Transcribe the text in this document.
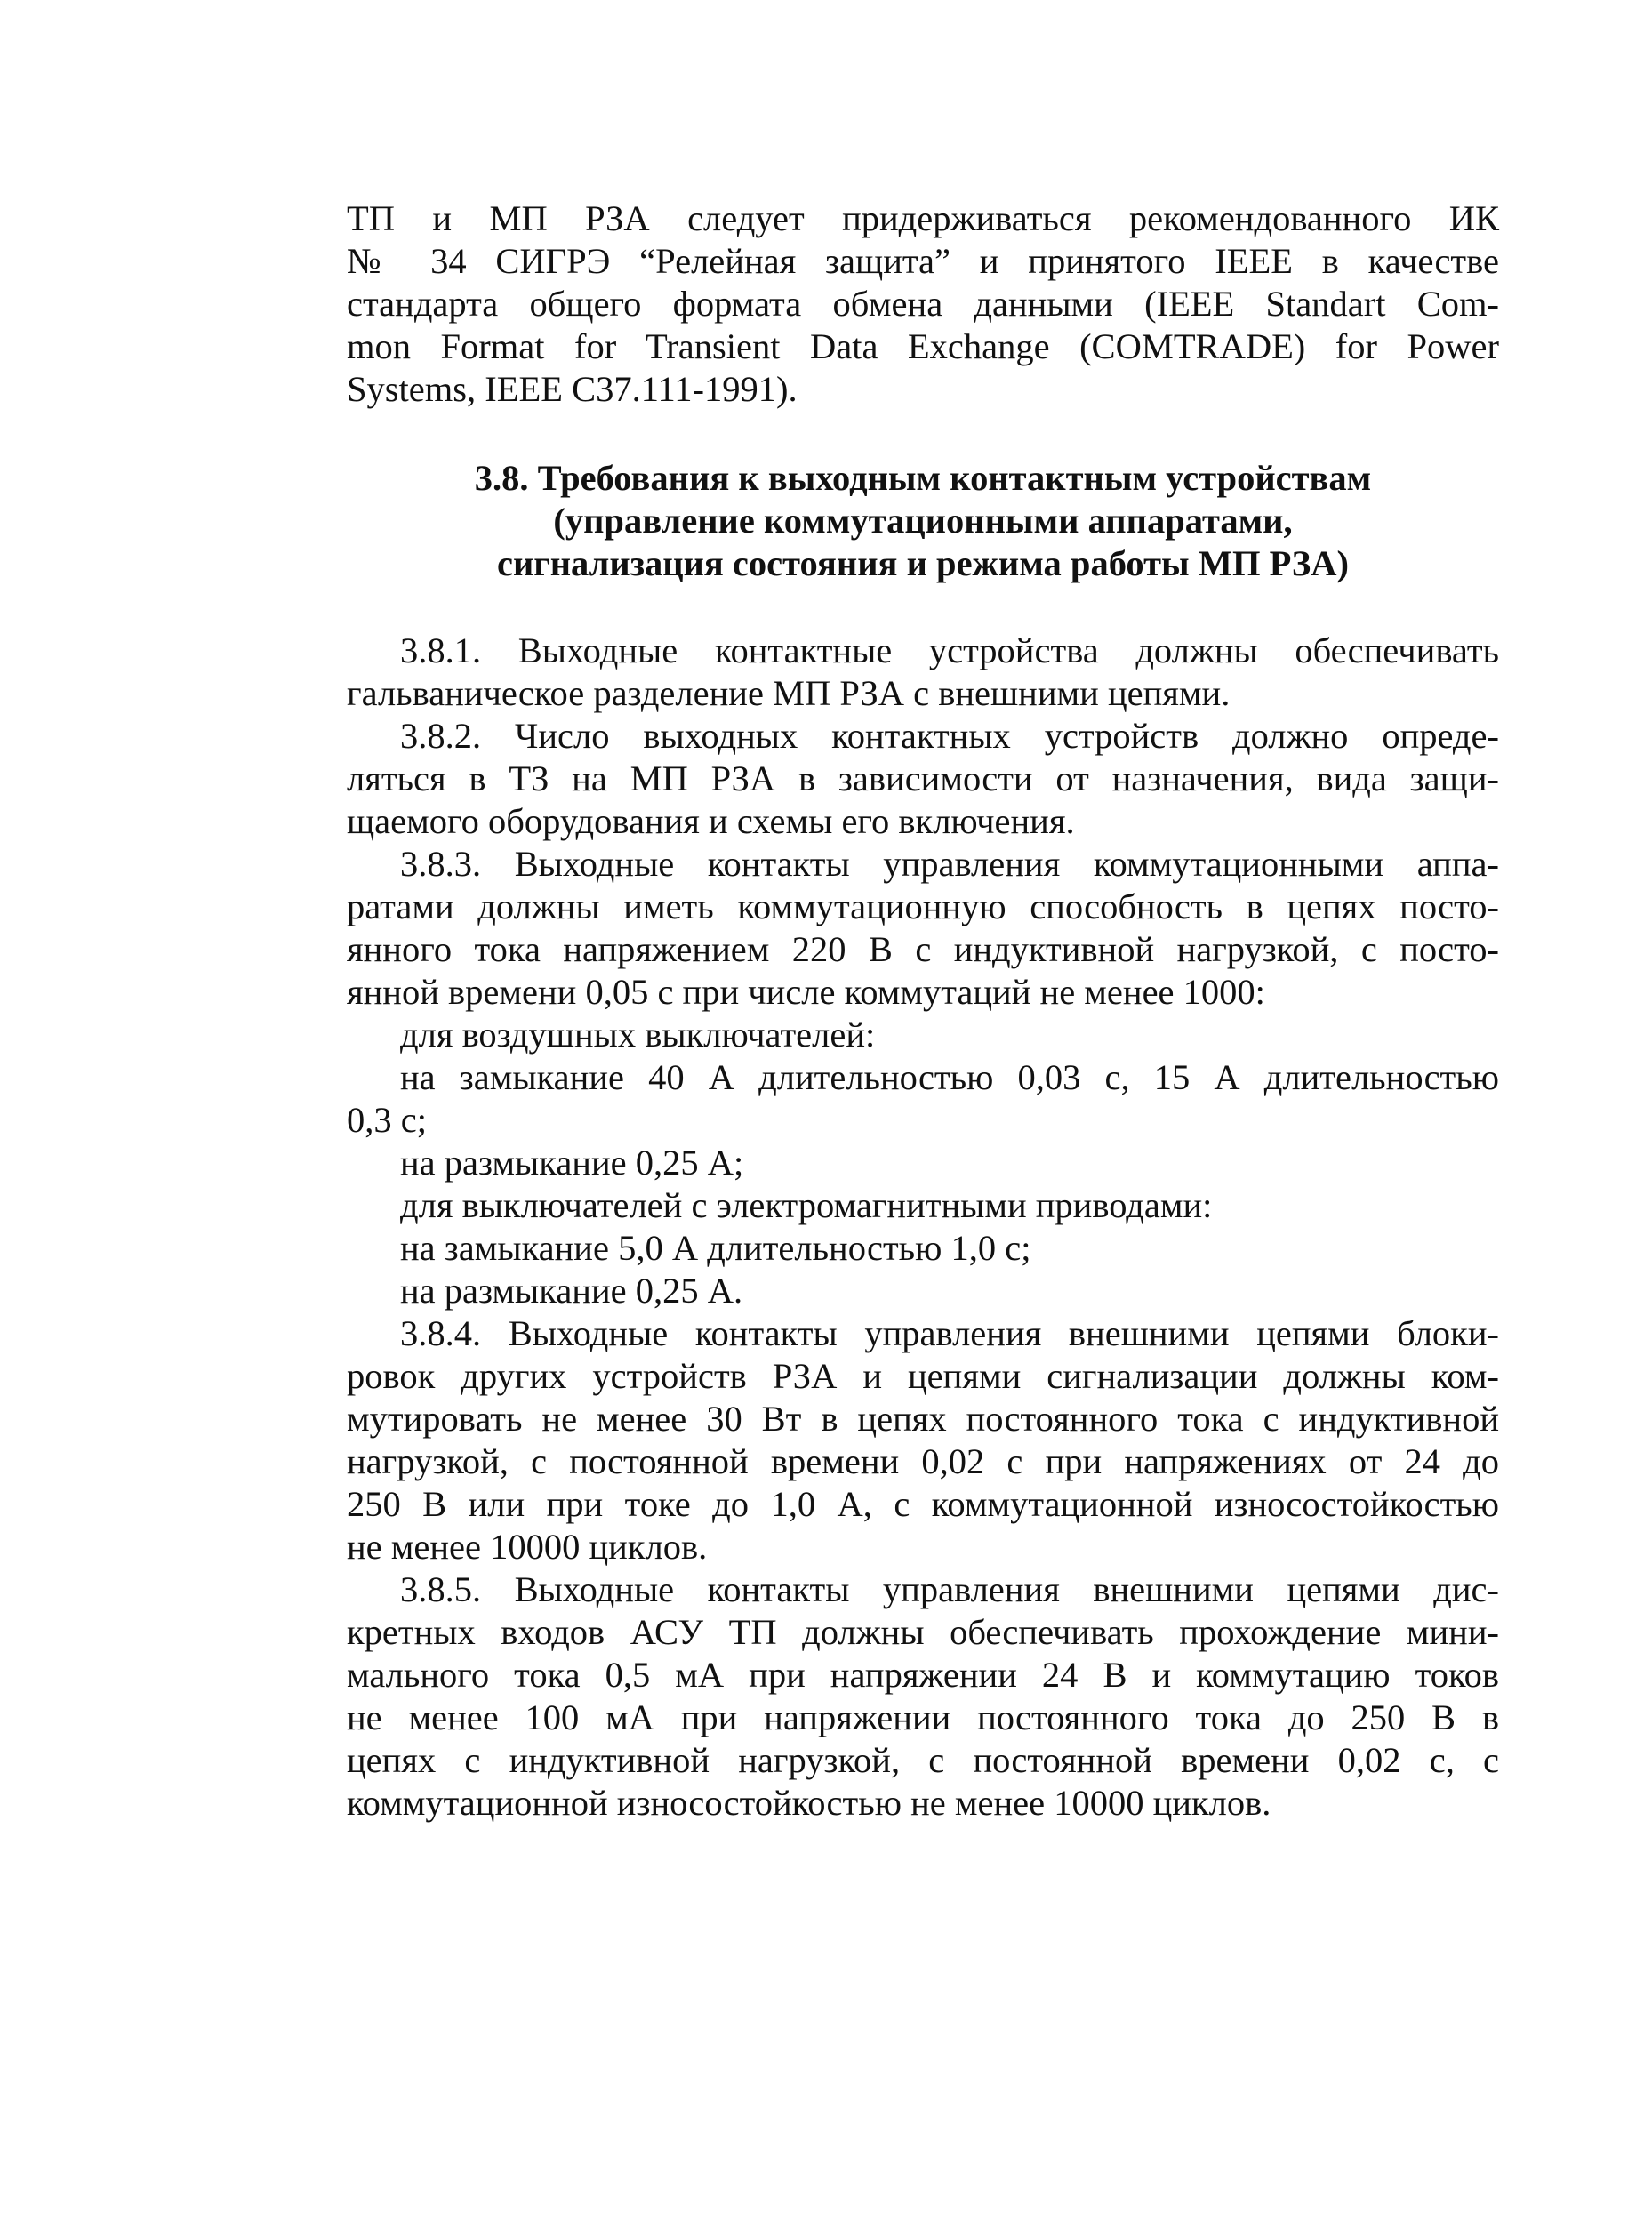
ТП и МП РЗА следует придерживаться рекомендованного ИК
№ 34 СИГРЭ “Релейная защита” и принятого IEEE в качестве
стандарта общего формата обмена данными (IEEE Standart Com-
mon Format for Transient Data Exchange (COMTRADE) for Power
Systems, IEEE C37.111-1991).
3.8. Требования к выходным контактным устройствам
(управление коммутационными аппаратами,
сигнализация состояния и режима работы МП РЗА)
3.8.1. Выходные контактные устройства должны обеспечивать
гальваническое разделение МП РЗА с внешними цепями.
3.8.2. Число выходных контактных устройств должно опреде-
ляться в ТЗ на МП РЗА в зависимости от назначения, вида защи-
щаемого оборудования и схемы его включения.
3.8.3. Выходные контакты управления коммутационными аппа-
ратами должны иметь коммутационную способность в цепях посто-
янного тока напряжением 220 В с индуктивной нагрузкой, с посто-
янной времени 0,05 с при числе коммутаций не менее 1000:
для воздушных выключателей:
на замыкание 40 А длительностью 0,03 с, 15 А длительностью
0,3 с;
на размыкание 0,25 А;
для выключателей с электромагнитными приводами:
на замыкание 5,0 А длительностью 1,0 с;
на размыкание 0,25 А.
3.8.4. Выходные контакты управления внешними цепями блоки-
ровок других устройств РЗА и цепями сигнализации должны ком-
мутировать не менее 30 Вт в цепях постоянного тока с индуктивной
нагрузкой, с постоянной времени 0,02 с при напряжениях от 24 до
250 В или при токе до 1,0 А, с коммутационной износостойкостью
не менее 10000 циклов.
3.8.5. Выходные контакты управления внешними цепями дис-
кретных входов АСУ ТП должны обеспечивать прохождение мини-
мального тока 0,5 мА при напряжении 24 В и коммутацию токов
не менее 100 мА при напряжении постоянного тока до 250 В в
цепях с индуктивной нагрузкой, с постоянной времени 0,02 с, с
коммутационной износостойкостью не менее 10000 циклов.
